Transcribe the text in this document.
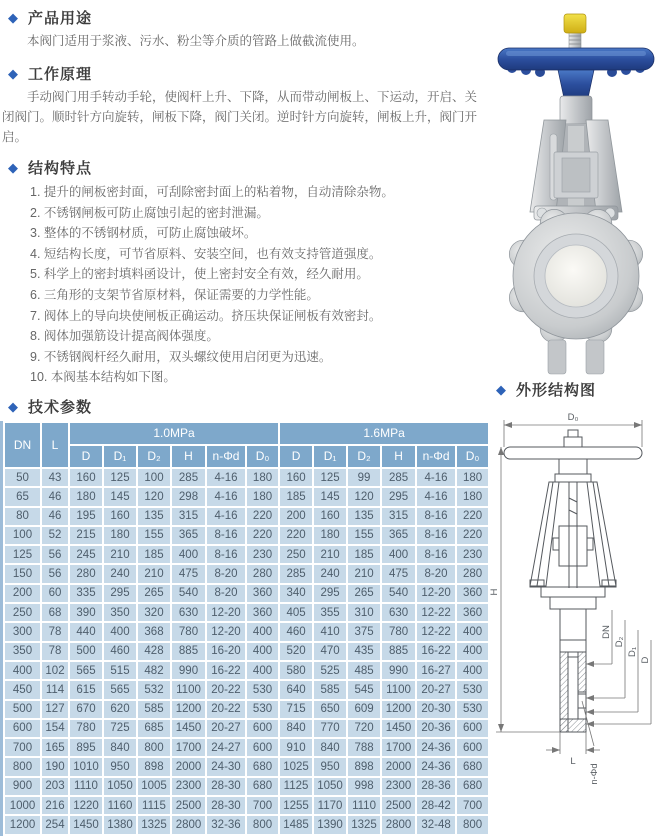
◆ 产品用途

本阀门适用于浆液、污水、粉尘等介质的管路上做截流使用。

◆ 工作原理

手动阀门用手转动手轮，使阀杆上升、下降，从而带动闸板上、下运动，开启、关闭阀门。顺时针方向旋转，闸板下降，阀门关闭。逆时针方向旋转，闸板上升，阀门开启。

◆ 结构特点
1. 提升的闸板密封面，可刮除密封面上的粘着物，自动清除杂物。
2. 不锈钢闸板可防止腐蚀引起的密封泄漏。
3. 整体的不锈钢材质，可防止腐蚀破坏。
4. 短结构长度，可节省原料、安装空间，也有效支持管道强度。
5. 科学上的密封填料函设计，使上密封安全有效，经久耐用。
6. 三角形的支架节省原材料，保证需要的力学性能。
7. 阀体上的导向块使闸板正确运动。挤压块保证闸板有效密封。
8. 阀体加强筋设计提高阀体强度。
9. 不锈钢阀杆经久耐用，双头螺纹使用启闭更为迅速。
10. 本阀基本结构如下图。
◆ 技术参数
DN	L	1.0MPa						1.6MPa					
		D	D₁	D₂	H	n-Φd	D₀	D	D₁	D₂	H	n-Φd	D₀
50	43	160	125	100	285	4-16	180	160	125	99	285	4-16	180
65	46	180	145	120	298	4-16	180	185	145	120	295	4-16	180
80	46	195	160	135	315	4-16	220	200	160	135	315	8-16	220
100	52	215	180	155	365	8-16	220	220	180	155	365	8-16	220
125	56	245	210	185	400	8-16	230	250	210	185	400	8-16	230
150	56	280	240	210	475	8-20	280	285	240	210	475	8-20	280
200	60	335	295	265	540	8-20	360	340	295	265	540	12-20	360
250	68	390	350	320	630	12-20	360	405	355	310	630	12-22	360
300	78	440	400	368	780	12-20	400	460	410	375	780	12-22	400
350	78	500	460	428	885	16-20	400	520	470	435	885	16-22	400
400	102	565	515	482	990	16-22	400	580	525	485	990	16-27	400
450	114	615	565	532	1100	20-22	530	640	585	545	1100	20-27	530
500	127	670	620	585	1200	20-22	530	715	650	609	1200	20-30	530
600	154	780	725	685	1450	20-27	600	840	770	720	1450	20-36	600
700	165	895	840	800	1700	24-27	600	910	840	788	1700	24-36	600
800	190	1010	950	898	2000	24-30	680	1025	950	898	2000	24-36	680
900	203	1110	1050	1005	2300	28-30	680	1125	1050	998	2300	28-36	680
1000	216	1220	1160	1115	2500	28-30	700	1255	1170	1110	2500	28-42	700
1200	254	1450	1380	1325	2800	32-36	800	1485	1390	1325	2800	32-48	800
◆ 外形结构图
D₀
H
DN
D₂
D₁
D
L
n-Φd
